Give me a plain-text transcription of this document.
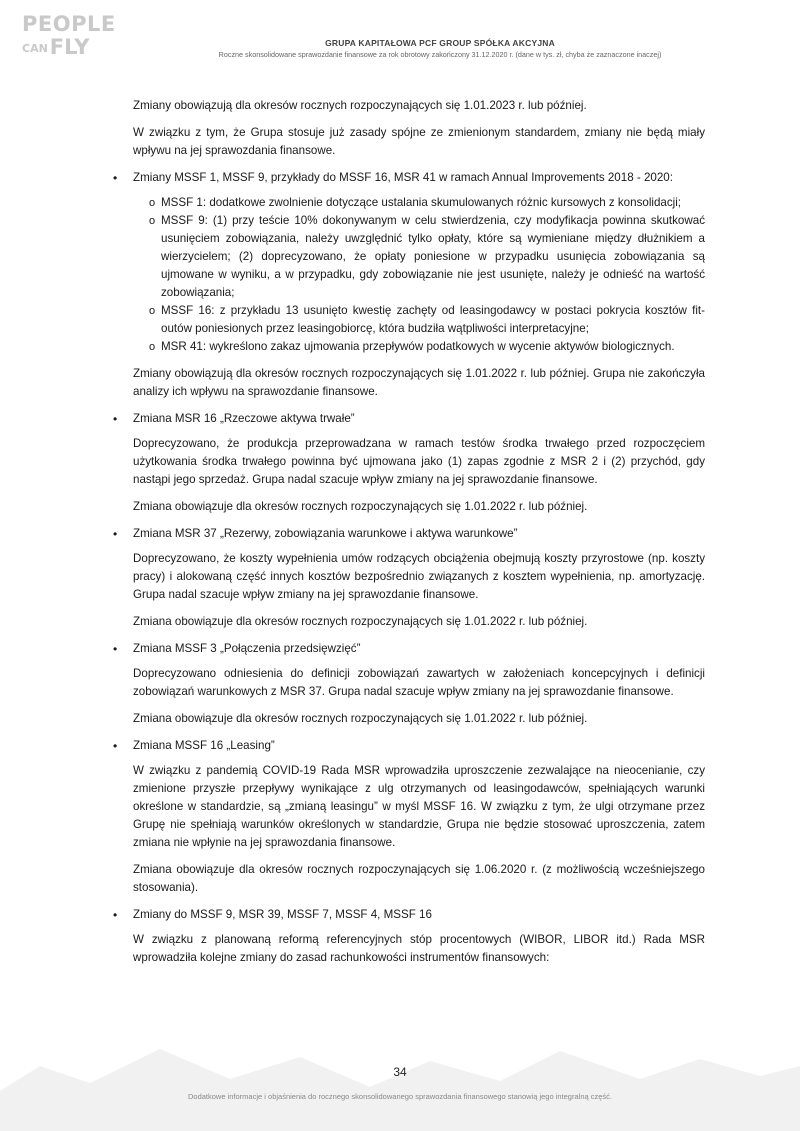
PEOPLE
CANFLY	GRUPA KAPITAŁOWA PCF GROUP SPÓŁKA AKCYJNA
Roczne skonsolidowane sprawozdanie finansowe za rok obrotowy zakończony 31.12.2020 r. (dane w tys. zł, chyba że zaznaczone inaczej)

Zmiany obowiązują dla okresów rocznych rozpoczynających się 1.01.2023 r. lub później.

W związku z tym, że Grupa stosuje już zasady spójne ze zmienionym standardem, zmiany nie będą miały wpływu na jej sprawozdania finansowe.

• Zmiany MSSF 1, MSSF 9, przykłady do MSSF 16, MSR 41 w ramach Annual Improvements 2018 - 2020:
o MSSF 1: dodatkowe zwolnienie dotyczące ustalania skumulowanych różnic kursowych z konsolidacji;
o MSSF 9: (1) przy teście 10% dokonywanym w celu stwierdzenia, czy modyfikacja powinna skutkować usunięciem zobowiązania, należy uwzględnić tylko opłaty, które są wymieniane między dłużnikiem a wierzycielem; (2) doprecyzowano, że opłaty poniesione w przypadku usunięcia zobowiązania są ujmowane w wyniku, a w przypadku, gdy zobowiązanie nie jest usunięte, należy je odnieść na wartość zobowiązania;
o MSSF 16: z przykładu 13 usunięto kwestię zachęty od leasingodawcy w postaci pokrycia kosztów fit-outów poniesionych przez leasingobiorcę, która budziła wątpliwości interpretacyjne;
o MSR 41: wykreślono zakaz ujmowania przepływów podatkowych w wycenie aktywów biologicznych.

Zmiany obowiązują dla okresów rocznych rozpoczynających się 1.01.2022 r. lub później. Grupa nie zakończyła analizy ich wpływu na sprawozdanie finansowe.

• Zmiana MSR 16 „Rzeczowe aktywa trwałe”

Doprecyzowano, że produkcja przeprowadzana w ramach testów środka trwałego przed rozpoczęciem użytkowania środka trwałego powinna być ujmowana jako (1) zapas zgodnie z MSR 2 i (2) przychód, gdy nastąpi jego sprzedaż. Grupa nadal szacuje wpływ zmiany na jej sprawozdanie finansowe.

Zmiana obowiązuje dla okresów rocznych rozpoczynających się 1.01.2022 r. lub później.

• Zmiana MSR 37 „Rezerwy, zobowiązania warunkowe i aktywa warunkowe”

Doprecyzowano, że koszty wypełnienia umów rodzących obciążenia obejmują koszty przyrostowe (np. koszty pracy) i alokowaną część innych kosztów bezpośrednio związanych z kosztem wypełnienia, np. amortyzację. Grupa nadal szacuje wpływ zmiany na jej sprawozdanie finansowe.

Zmiana obowiązuje dla okresów rocznych rozpoczynających się 1.01.2022 r. lub później.

• Zmiana MSSF 3 „Połączenia przedsięwzięć”

Doprecyzowano odniesienia do definicji zobowiązań zawartych w założeniach koncepcyjnych i definicji zobowiązań warunkowych z MSR 37. Grupa nadal szacuje wpływ zmiany na jej sprawozdanie finansowe.

Zmiana obowiązuje dla okresów rocznych rozpoczynających się 1.01.2022 r. lub później.

• Zmiana MSSF 16 „Leasing”

W związku z pandemią COVID-19 Rada MSR wprowadziła uproszczenie zezwalające na nieocenianie, czy zmienione przyszłe przepływy wynikające z ulg otrzymanych od leasingodawców, spełniających warunki określone w standardzie, są „zmianą leasingu” w myśl MSSF 16. W związku z tym, że ulgi otrzymane przez Grupę nie spełniają warunków określonych w standardzie, Grupa nie będzie stosować uproszczenia, zatem zmiana nie wpłynie na jej sprawozdania finansowe.

Zmiana obowiązuje dla okresów rocznych rozpoczynających się 1.06.2020 r. (z możliwością wcześniejszego stosowania).

• Zmiany do MSSF 9, MSR 39, MSSF 7, MSSF 4, MSSF 16

W związku z planowaną reformą referencyjnych stóp procentowych (WIBOR, LIBOR itd.) Rada MSR wprowadziła kolejne zmiany do zasad rachunkowości instrumentów finansowych:

34
Dodatkowe informacje i objaśnienia do rocznego skonsolidowanego sprawozdania finansowego stanowią jego integralną część.
